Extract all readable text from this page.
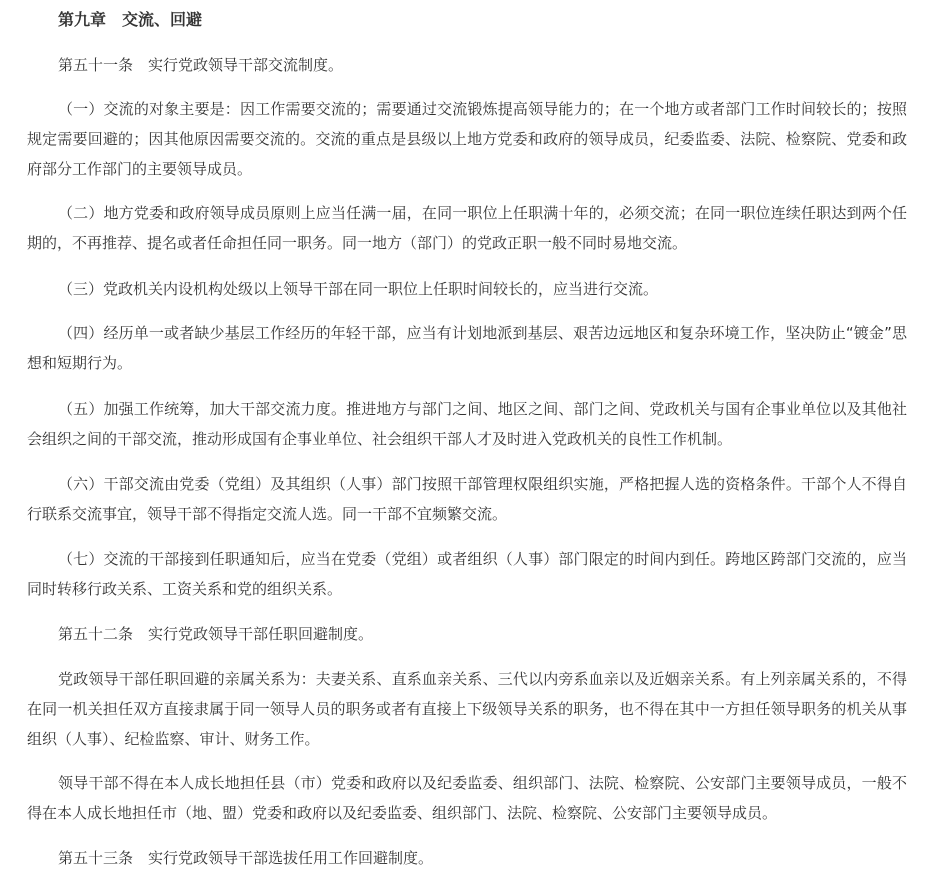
第九章　交流、回避

第五十一条　实行党政领导干部交流制度。

（一）交流的对象主要是：因工作需要交流的；需要通过交流锻炼提高领导能力的；在一个地方或者部门工作时间较长的；按照规定需要回避的；因其他原因需要交流的。交流的重点是县级以上地方党委和政府的领导成员，纪委监委、法院、检察院、党委和政府部分工作部门的主要领导成员。

（二）地方党委和政府领导成员原则上应当任满一届，在同一职位上任职满十年的，必须交流；在同一职位连续任职达到两个任期的，不再推荐、提名或者任命担任同一职务。同一地方（部门）的党政正职一般不同时易地交流。

（三）党政机关内设机构处级以上领导干部在同一职位上任职时间较长的，应当进行交流。

（四）经历单一或者缺少基层工作经历的年轻干部，应当有计划地派到基层、艰苦边远地区和复杂环境工作，坚决防止“镀金”思想和短期行为。

（五）加强工作统筹，加大干部交流力度。推进地方与部门之间、地区之间、部门之间、党政机关与国有企事业单位以及其他社会组织之间的干部交流，推动形成国有企事业单位、社会组织干部人才及时进入党政机关的良性工作机制。

（六）干部交流由党委（党组）及其组织（人事）部门按照干部管理权限组织实施，严格把握人选的资格条件。干部个人不得自行联系交流事宜，领导干部不得指定交流人选。同一干部不宜频繁交流。

（七）交流的干部接到任职通知后，应当在党委（党组）或者组织（人事）部门限定的时间内到任。跨地区跨部门交流的，应当同时转移行政关系、工资关系和党的组织关系。

第五十二条　实行党政领导干部任职回避制度。

党政领导干部任职回避的亲属关系为：夫妻关系、直系血亲关系、三代以内旁系血亲以及近姻亲关系。有上列亲属关系的，不得在同一机关担任双方直接隶属于同一领导人员的职务或者有直接上下级领导关系的职务，也不得在其中一方担任领导职务的机关从事组织（人事）、纪检监察、审计、财务工作。

领导干部不得在本人成长地担任县（市）党委和政府以及纪委监委、组织部门、法院、检察院、公安部门主要领导成员，一般不得在本人成长地担任市（地、盟）党委和政府以及纪委监委、组织部门、法院、检察院、公安部门主要领导成员。

第五十三条　实行党政领导干部选拔任用工作回避制度。
